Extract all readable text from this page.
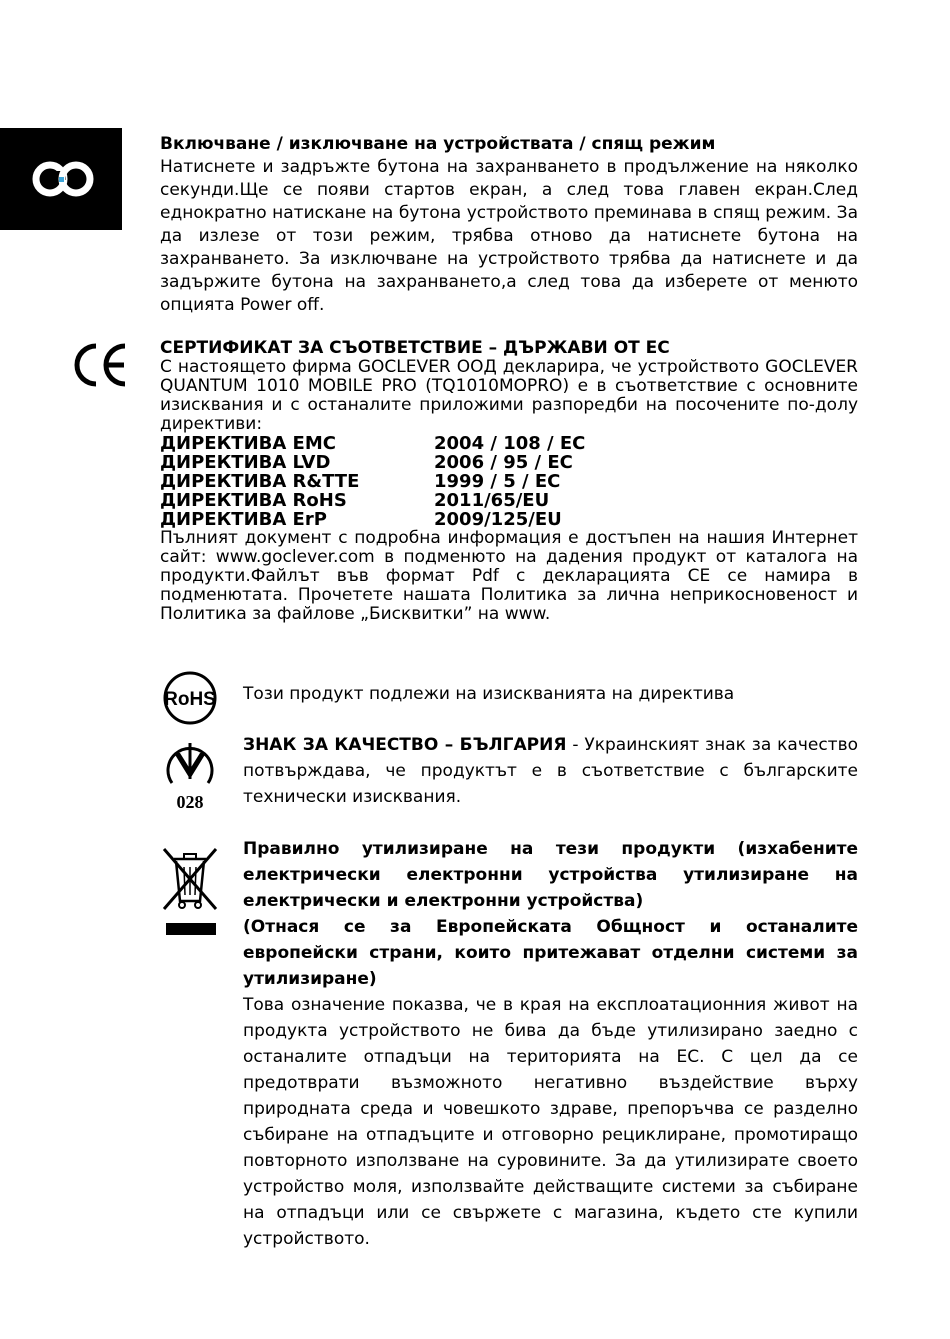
Включване / изключване на устройствата / спящ режим

Натиснете и задръжте бутона на захранването в продължение на няколко секунди.Ще се появи стартов екран, а след това главен екран.След еднократно натискане на бутона устройството преминава в спящ режим. За да излезе от този режим, трябва отново да натиснете бутона на захранването. За изключване на устройството трябва да натиснете и да задържите бутона на захранването,а след това да изберете от менюто опцията Power off.

СЕРТИФИКАТ ЗА СЪОТВЕТСТВИЕ – ДЪРЖАВИ ОТ ЕС

С настоящето фирма GOCLEVER ООД декларира, че устройството GOCLEVER QUANTUM 1010 MOBILE PRO (TQ1010MOPRO) е в съответствие с основните изисквания и с останалите приложими разпоредби на посочените по-долу директиви:

ДИРЕКТИВА EMC	2004 / 108 / EC
ДИРЕКТИВА LVD	2006 / 95 / EC
ДИРЕКТИВА R&TTE	1999 / 5 / EC
ДИРЕКТИВА RoHS	2011/65/EU
ДИРЕКТИВА ErP	2009/125/EU

Пълният документ с подробна информация е достъпен на нашия Интернет сайт: www.goclever.com в подменюто на дадения продукт от каталога на продукти.Файлът във формат Pdf с декларацията CE се намира в подменютата. Прочетете нашата Политика за лична неприкосновеност и Политика за файлове „Бисквитки” на www.

RoHS Този продукт подлежи на изискванията на директива

028

ЗНАК ЗА КАЧЕСТВО – БЪЛГАРИЯ - Украинският знак за качество потвърждава, че продуктът е в съответствие с българските технически изисквания.

Правилно утилизиране на тези продукти (изхабените електрически електронни устройства утилизиране на електрически и електронни устройства)

(Отнася се за Европейската Общност и останалите европейски страни, които притежават отделни системи за утилизиране)

Това означение показва, че в края на експлоатационния живот на продукта устройството не бива да бъде утилизирано заедно с останалите отпадъци на територията на ЕС. С цел да се предотврати възможното негативно въздействие върху природната среда и човешкото здраве, препоръчва се разделно събиране на отпадъците и отговорно рециклиране, промотиращо повторното използване на суровините. За да утилизирате своето устройство моля, използвайте действащите системи за събиране на отпадъци или се свържете с магазина, където сте купили устройството.
